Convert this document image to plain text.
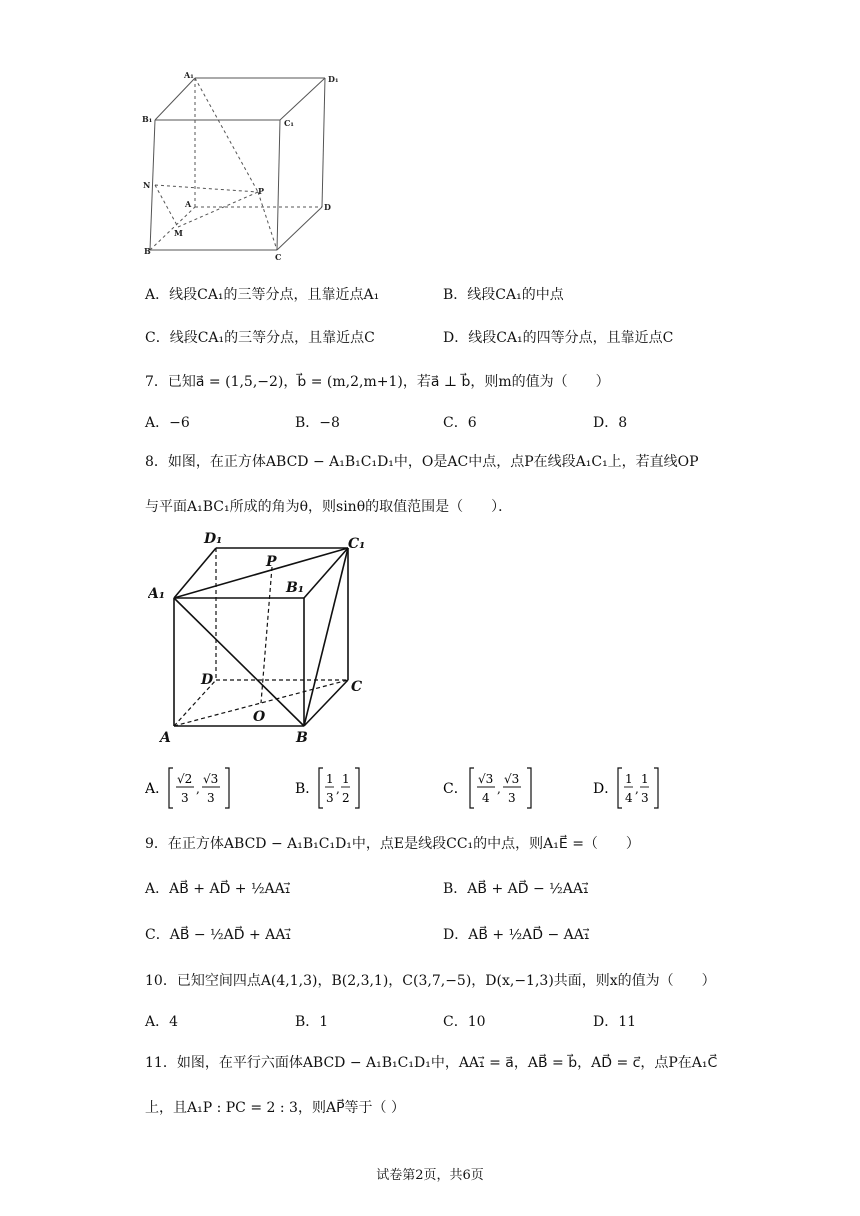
A₁	D₁
B₁	C₁
N
P
A	D
M
B
C
A．线段CA₁的三等分点，且靠近点A₁	B．线段CA₁的中点
C．线段CA₁的三等分点，且靠近点C	D．线段CA₁的四等分点，且靠近点C
7．已知a⃗ = (1,5,−2)，b⃗ = (m,2,m+1)，若a⃗ ⊥ b⃗，则m的值为（　　）
A．−6	B．−8	C．6	D．8
8．如图，在正方体ABCD − A₁B₁C₁D₁中，O是AC中点，点P在线段A₁C₁上，若直线OP
与平面A₁BC₁所成的角为θ，则sinθ的取值范围是（　　）．
D₁
P
C₁
A₁	B₁
D	C
O
A	B
A．
√2
3
,
√3
3
B．
1
3
,
1
2
C．
√3
4
,
√3
3
D．
1
4
,
1
3
9．在正方体ABCD − A₁B₁C₁D₁中，点E是线段CC₁的中点，则A₁E⃗ =（　　）
A．AB⃗ + AD⃗ + ½AA₁⃗	B．AB⃗ + AD⃗ − ½AA₁⃗
C．AB⃗ − ½AD⃗ + AA₁⃗	D．AB⃗ + ½AD⃗ − AA₁⃗
10．已知空间四点A(4,1,3)，B(2,3,1)，C(3,7,−5)，D(x,−1,3)共面，则x的值为（　　）
A．4	B．1	C．10	D．11
11．如图，在平行六面体ABCD − A₁B₁C₁D₁中，AA₁⃗ = a⃗，AB⃗ = b⃗，AD⃗ = c⃗，点P在A₁C⃗
上，且A₁P : PC = 2 : 3，则AP⃗等于（ ）
试卷第2页，共6页
